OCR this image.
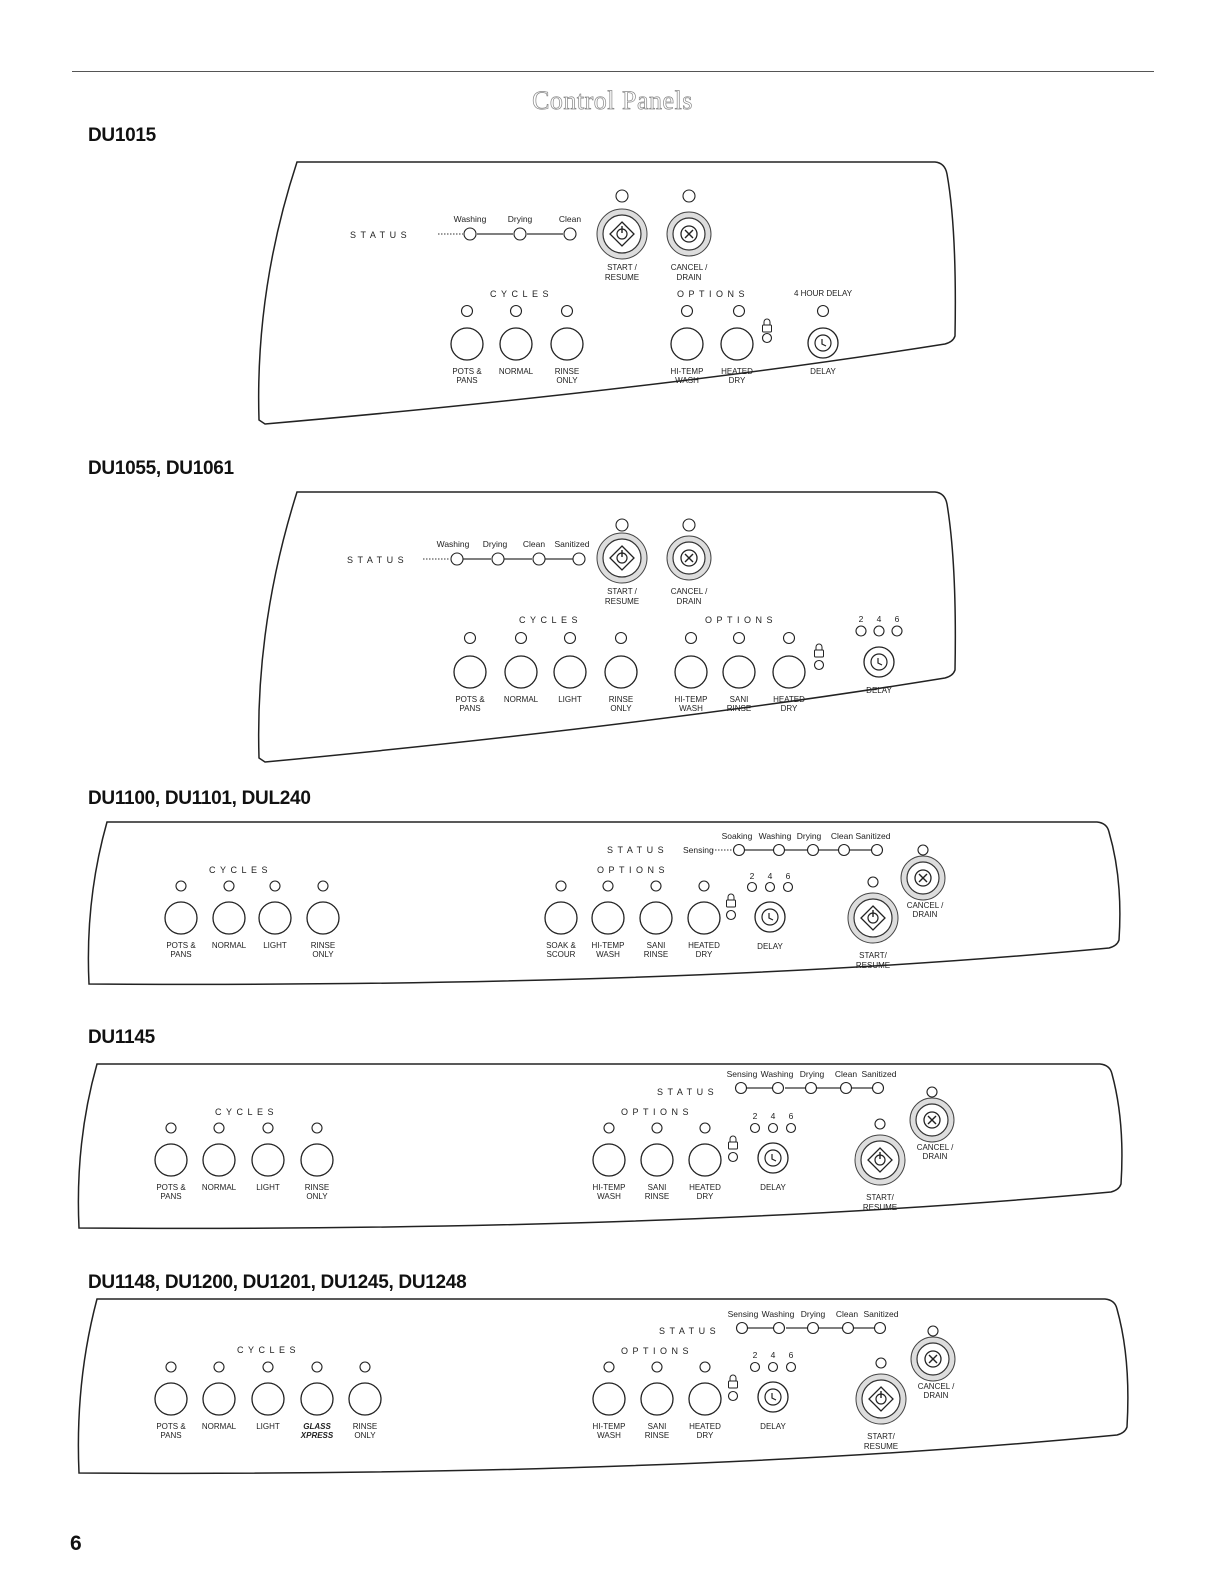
Control Panels
DU1015
STATUS
Washing	Drying	Clean
START /
RESUME
CANCEL /
DRAIN
CYCLES
POTS &
PANS
NORMAL	RINSE
ONLY
OPTIONS
HI-TEMP
WASH
HEATED
DRY
4 HOUR DELAY
DELAY
DU1055, DU1061
STATUS
Washing Drying Clean Sanitized
START /
RESUME
CANCEL /
DRAIN
CYCLES
POTS &
PANS
NORMAL	LIGHT	RINSE
ONLY
OPTIONS
HI-TEMP
WASH
SANI
RINSE
HEATED
DRY
2 4 6
DELAY
DU1100, DU1101, DUL240
STATUS Sensing
Soaking Washing Drying Clean Sanitized
CYCLES
POTS &
PANS
NORMAL LIGHT	RINSE
ONLY
OPTIONS
SOAK &
SCOUR
HI-TEMP
WASH
SANI
RINSE
HEATED
DRY
2 4 6
DELAY
START/
RESUME
CANCEL /
DRAIN
DU1145
STATUS
Sensing Washing Drying Clean Sanitized
CYCLES
POTS &
PANS
NORMAL	LIGHT	RINSE
ONLY
OPTIONS
HI-TEMP
WASH
SANI
RINSE
HEATED
DRY
2 4 6
DELAY
START/
RESUME
CANCEL /
DRAIN
DU1148, DU1200, DU1201, DU1245, DU1248
STATUS
Sensing Washing Drying Clean Sanitized
CYCLES
POTS &
PANS
NORMAL	LIGHT	GLASS
XPRESS
RINSE
ONLY
OPTIONS
HI-TEMP
WASH
SANI
RINSE
HEATED
DRY
2 4 6
DELAY
START/
RESUME
CANCEL /
DRAIN
6
